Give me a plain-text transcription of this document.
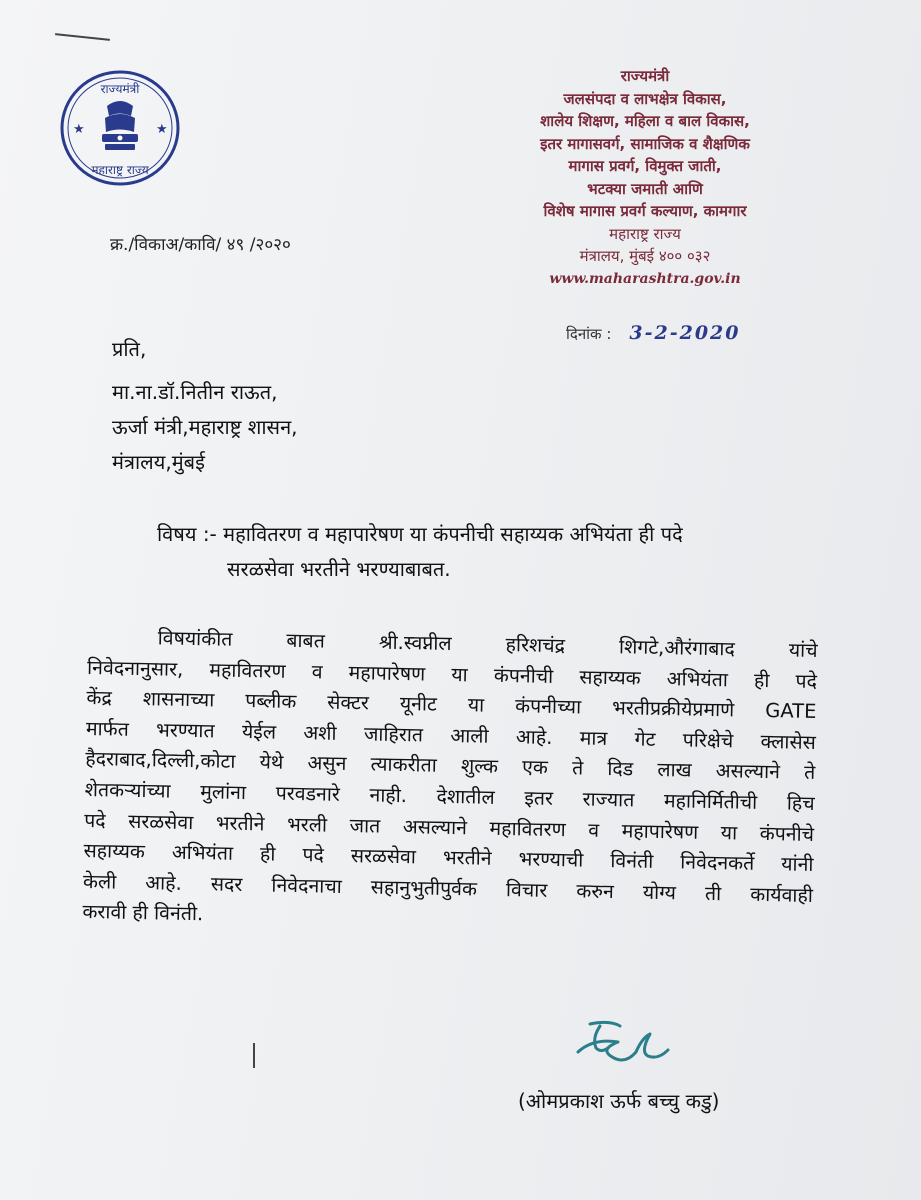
राज्यमंत्री
महाराष्ट्र राज्य
★	★
राज्यमंत्री
जलसंपदा व लाभक्षेत्र विकास,
शालेय शिक्षण, महिला व बाल विकास,
इतर मागासवर्ग, सामाजिक व शैक्षणिक
मागास प्रवर्ग, विमुक्त जाती,
भटक्या जमाती आणि
विशेष मागास प्रवर्ग कल्याण, कामगार
महाराष्ट्र राज्य
मंत्रालय, मुंबई ४०० ०३२
www.maharashtra.gov.in
क्र./विकाअ/कावि/ ४९ /२०२०
दिनांक : 3-2-2020
प्रति,
मा.ना.डॉ.नितीन राऊत,
ऊर्जा मंत्री,महाराष्ट्र शासन,
मंत्रालय,मुंबई
विषय :- महावितरण व महापारेषण या कंपनीची सहाय्यक अभियंता ही पदे
सरळसेवा भरतीने भरण्याबाबत.
विषयांकीत बाबत श्री.स्वप्नील हरिशचंद्र शिगटे,औरंगाबाद यांचे
निवेदनानुसार, महावितरण व महापारेषण या कंपनीची सहाय्यक अभियंता ही पदे
केंद्र शासनाच्या पब्लीक सेक्टर यूनीट या कंपनीच्या भरतीप्रक्रीयेप्रमाणे GATE
मार्फत भरण्यात येईल अशी जाहिरात आली आहे. मात्र गेट परिक्षेचे क्लासेस
हैदराबाद,दिल्ली,कोटा येथे असुन त्याकरीता शुल्क एक ते दिड लाख असल्याने ते
शेतकऱ्यांच्या मुलांना परवडनारे नाही. देशातील इतर राज्यात महानिर्मितीची हिच
पदे सरळसेवा भरतीने भरली जात असल्याने महावितरण व महापारेषण या कंपनीचे
सहाय्यक अभियंता ही पदे सरळसेवा भरतीने भरण्याची विनंती निवेदनकर्ते यांनी
केली आहे. सदर निवेदनाचा सहानुभुतीपुर्वक विचार करुन योग्य ती कार्यवाही
करावी ही विनंती.
(ओमप्रकाश ऊर्फ बच्चु कडु)
